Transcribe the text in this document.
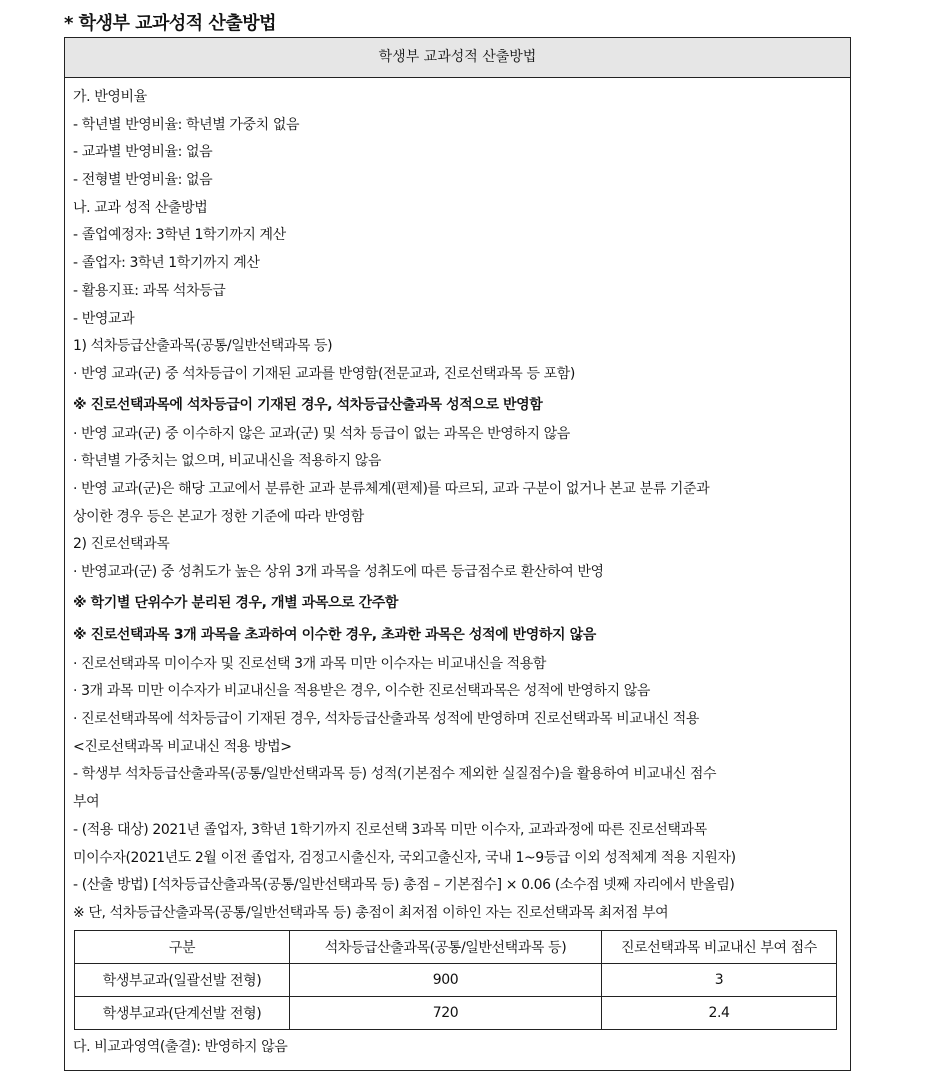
* 학생부 교과성적 산출방법
학생부 교과성적 산출방법
가. 반영비율
- 학년별 반영비율: 학년별 가중치 없음
- 교과별 반영비율: 없음
- 전형별 반영비율: 없음
나. 교과 성적 산출방법
- 졸업예정자: 3학년 1학기까지 계산
- 졸업자: 3학년 1학기까지 계산
- 활용지표: 과목 석차등급
- 반영교과
1) 석차등급산출과목(공통/일반선택과목 등)
· 반영 교과(군) 중 석차등급이 기재된 교과를 반영함(전문교과, 진로선택과목 등 포함)
※ 진로선택과목에 석차등급이 기재된 경우, 석차등급산출과목 성적으로 반영함
· 반영 교과(군) 중 이수하지 않은 교과(군) 및 석차 등급이 없는 과목은 반영하지 않음
· 학년별 가중치는 없으며, 비교내신을 적용하지 않음
· 반영 교과(군)은 해당 고교에서 분류한 교과 분류체계(편제)를 따르되, 교과 구분이 없거나 본교 분류 기준과
상이한 경우 등은 본교가 정한 기준에 따라 반영함
2) 진로선택과목
· 반영교과(군) 중 성취도가 높은 상위 3개 과목을 성취도에 따른 등급점수로 환산하여 반영
※ 학기별 단위수가 분리된 경우, 개별 과목으로 간주함
※ 진로선택과목 3개 과목을 초과하여 이수한 경우, 초과한 과목은 성적에 반영하지 않음
· 진로선택과목 미이수자 및 진로선택 3개 과목 미만 이수자는 비교내신을 적용함
· 3개 과목 미만 이수자가 비교내신을 적용받은 경우, 이수한 진로선택과목은 성적에 반영하지 않음
· 진로선택과목에 석차등급이 기재된 경우, 석차등급산출과목 성적에 반영하며 진로선택과목 비교내신 적용
<진로선택과목 비교내신 적용 방법>
- 학생부 석차등급산출과목(공통/일반선택과목 등) 성적(기본점수 제외한 실질점수)을 활용하여 비교내신 점수
부여
- (적용 대상) 2021년 졸업자, 3학년 1학기까지 진로선택 3과목 미만 이수자, 교과과정에 따른 진로선택과목
미이수자(2021년도 2월 이전 졸업자, 검정고시출신자, 국외고출신자, 국내 1~9등급 이외 성적체계 적용 지원자)
- (산출 방법) [석차등급산출과목(공통/일반선택과목 등) 총점 – 기본점수] × 0.06 (소수점 넷째 자리에서 반올림)
※ 단, 석차등급산출과목(공통/일반선택과목 등) 총점이 최저점 이하인 자는 진로선택과목 최저점 부여
구분	석차등급산출과목(공통/일반선택과목 등)	진로선택과목 비교내신 부여 점수
학생부교과(일괄선발 전형)	900	3
학생부교과(단계선발 전형)	720	2.4
다. 비교과영역(출결): 반영하지 않음
